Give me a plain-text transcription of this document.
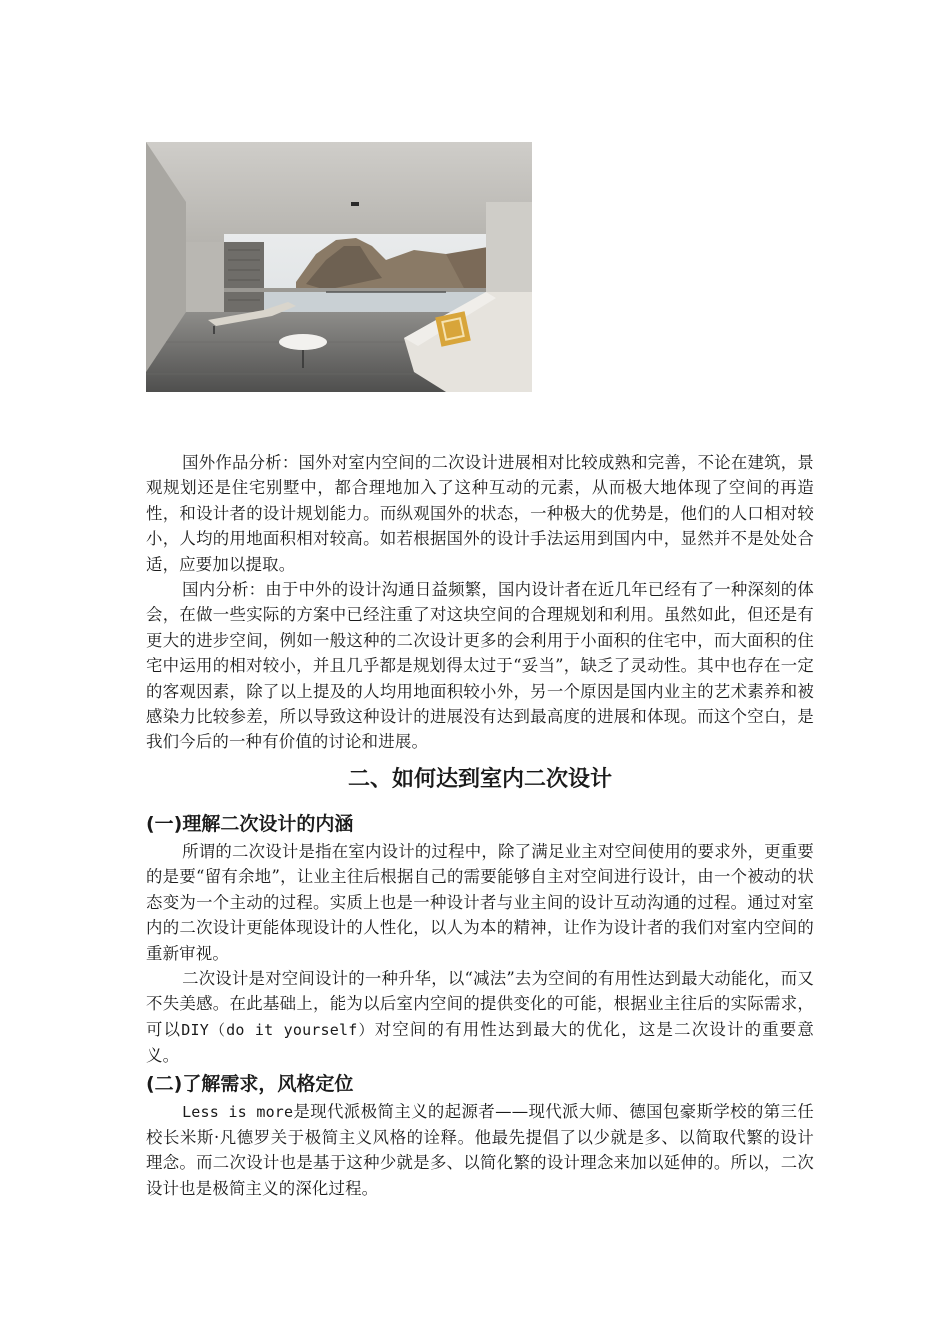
国外作品分析：国外对室内空间的二次设计进展相对比较成熟和完善，不论在建筑，景观规划还是住宅别墅中，都合理地加入了这种互动的元素，从而极大地体现了空间的再造性，和设计者的设计规划能力。而纵观国外的状态，一种极大的优势是，他们的人口相对较小，人均的用地面积相对较高。如若根据国外的设计手法运用到国内中，显然并不是处处合适，应要加以提取。

国内分析：由于中外的设计沟通日益频繁，国内设计者在近几年已经有了一种深刻的体会，在做一些实际的方案中已经注重了对这块空间的合理规划和利用。虽然如此，但还是有更大的进步空间，例如一般这种的二次设计更多的会利用于小面积的住宅中，而大面积的住宅中运用的相对较小，并且几乎都是规划得太过于“妥当”，缺乏了灵动性。其中也存在一定的客观因素，除了以上提及的人均用地面积较小外，另一个原因是国内业主的艺术素养和被感染力比较参差，所以导致这种设计的进展没有达到最高度的进展和体现。而这个空白，是我们今后的一种有价值的讨论和进展。

二、如何达到室内二次设计
(一)理解二次设计的内涵

所谓的二次设计是指在室内设计的过程中，除了满足业主对空间使用的要求外，更重要的是要“留有余地”，让业主往后根据自己的需要能够自主对空间进行设计，由一个被动的状态变为一个主动的过程。实质上也是一种设计者与业主间的设计互动沟通的过程。通过对室内的二次设计更能体现设计的人性化，以人为本的精神，让作为设计者的我们对室内空间的重新审视。

二次设计是对空间设计的一种升华，以“减法”去为空间的有用性达到最大动能化，而又不失美感。在此基础上，能为以后室内空间的提供变化的可能，根据业主往后的实际需求，可以DIY（do it yourself）对空间的有用性达到最大的优化，这是二次设计的重要意义。

(二)了解需求，风格定位

Less is more是现代派极简主义的起源者——现代派大师、德国包豪斯学校的第三任校长米斯·凡德罗关于极简主义风格的诠释。他最先提倡了以少就是多、以简取代繁的设计理念。而二次设计也是基于这种少就是多、以简化繁的设计理念来加以延伸的。所以，二次设计也是极简主义的深化过程。
